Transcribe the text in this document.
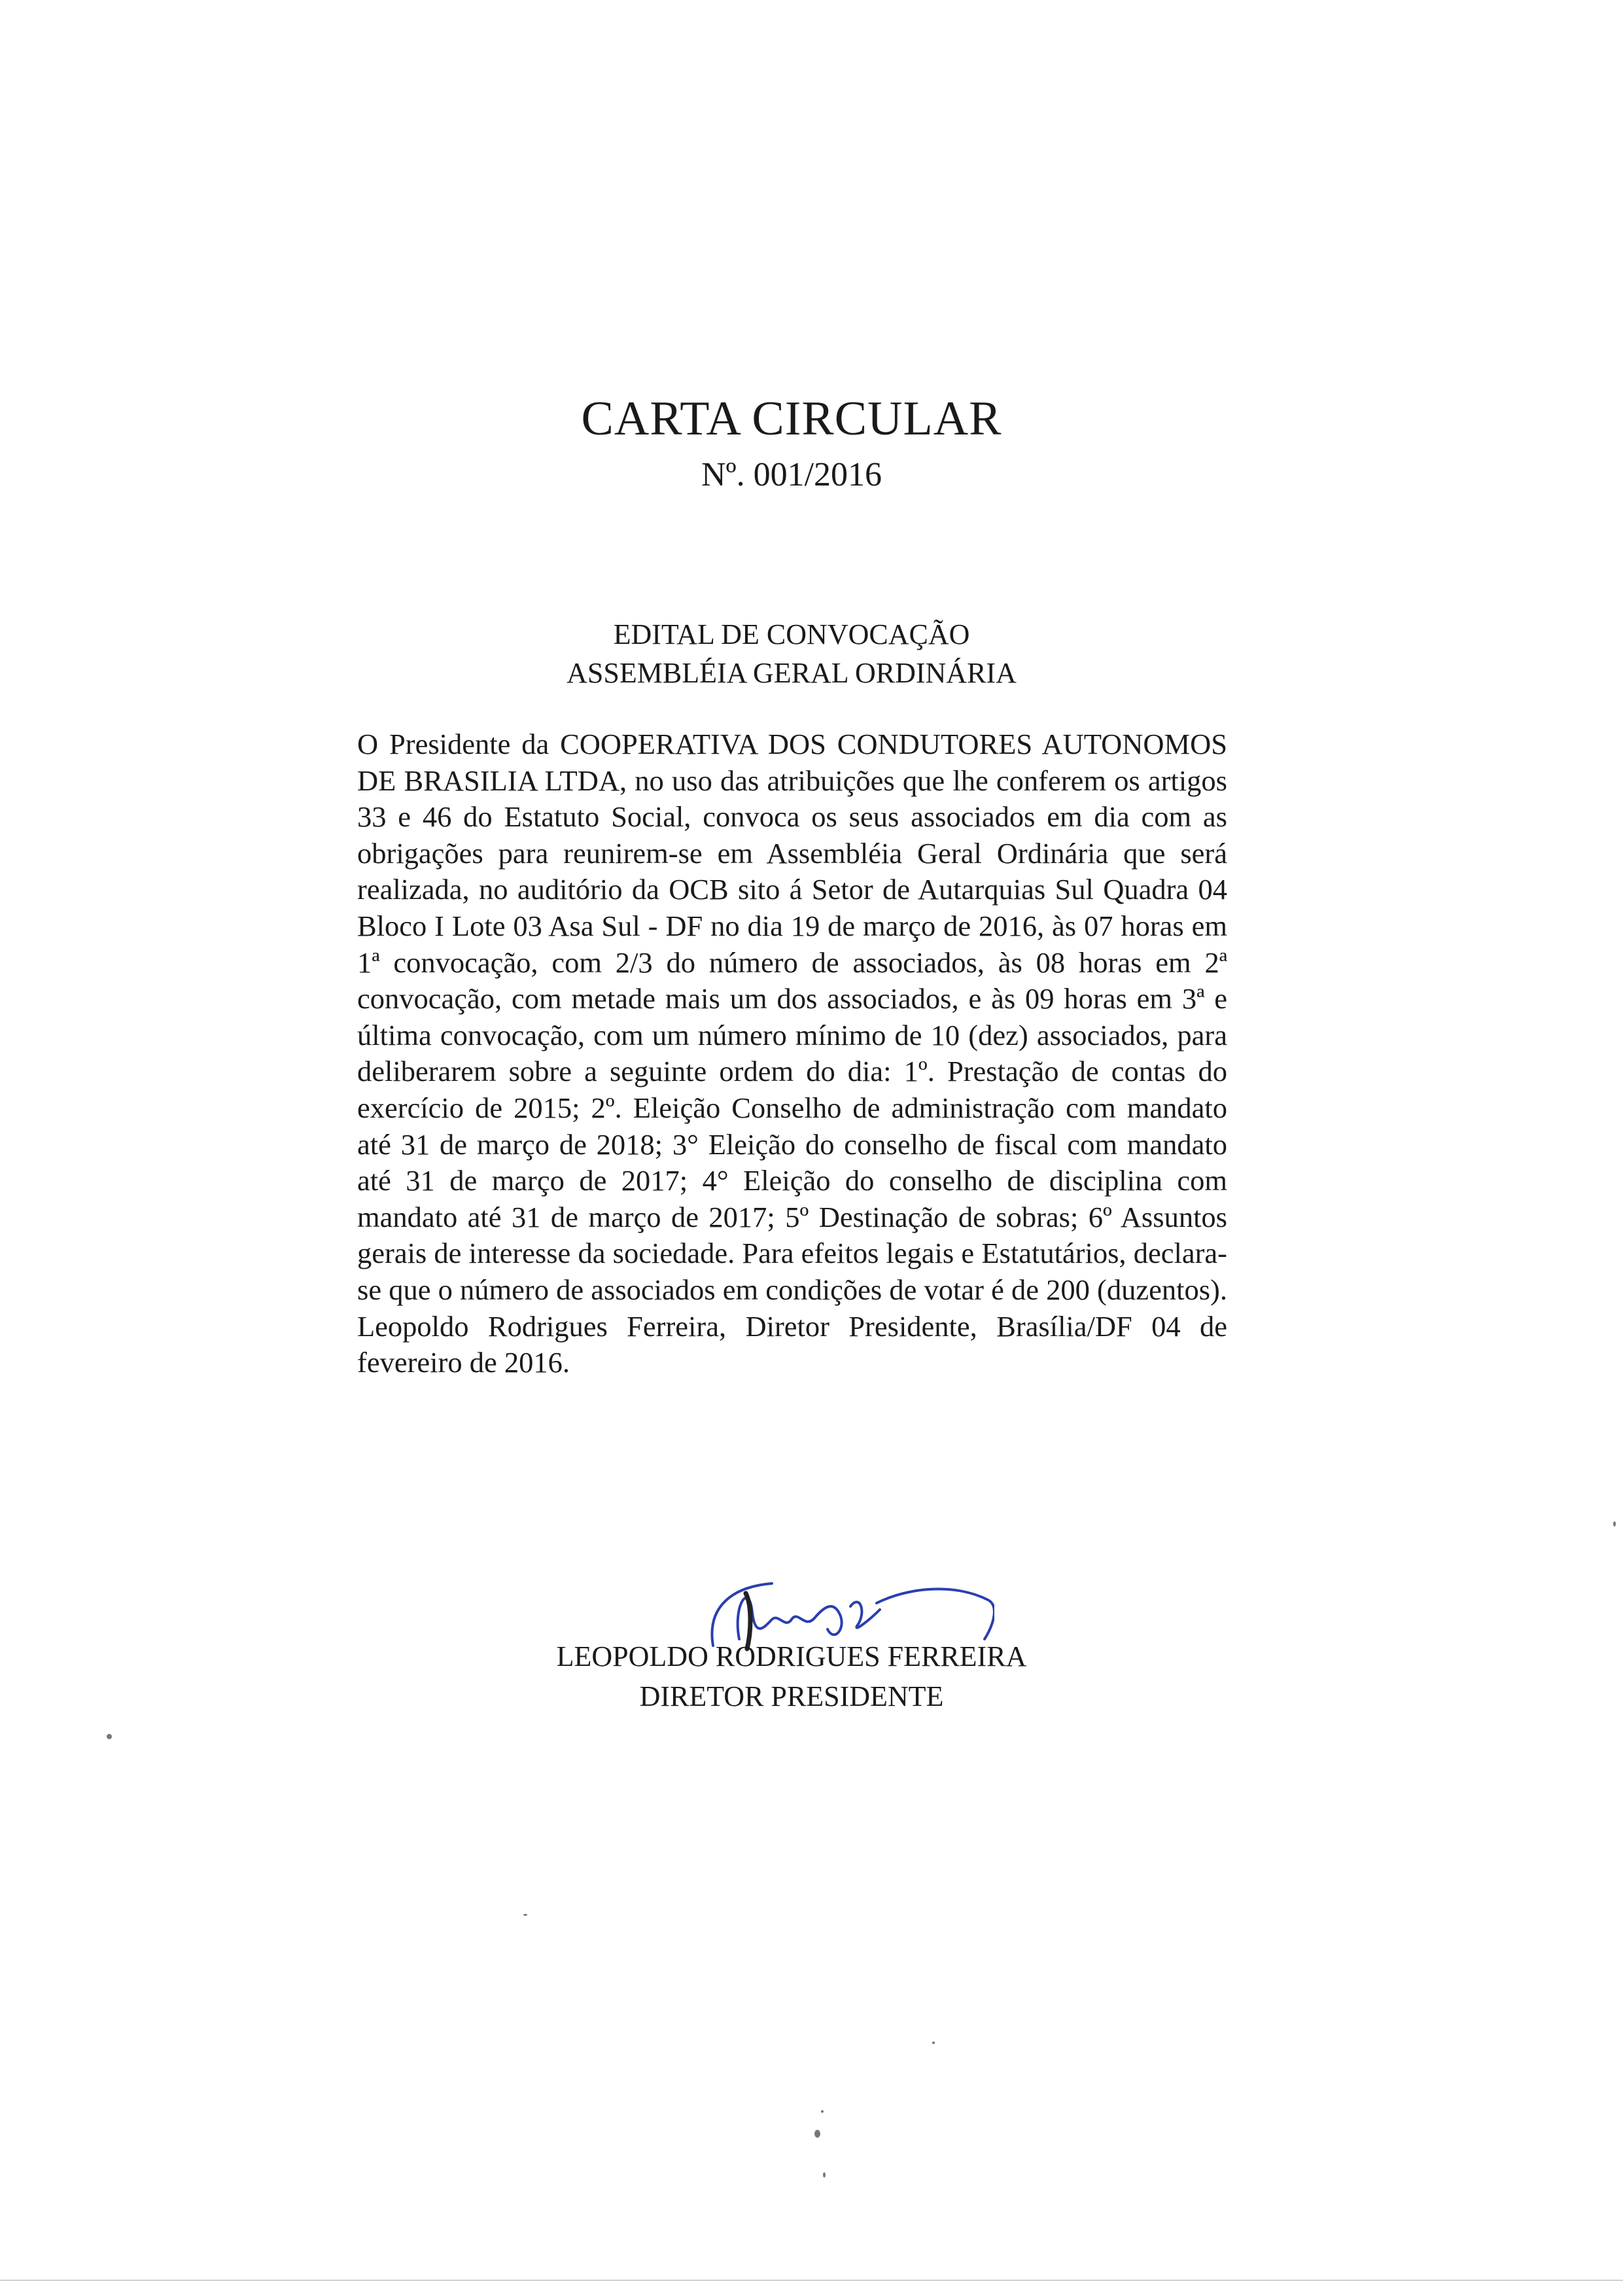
CARTA CIRCULAR
Nº. 001/2016
EDITAL DE CONVOCAÇÃO
ASSEMBLÉIA GERAL ORDINÁRIA
O Presidente da COOPERATIVA DOS CONDUTORES AUTONOMOS DE BRASILIA LTDA, no uso das atribuições que lhe conferem os artigos 33 e 46 do Estatuto Social, convoca os seus associados em dia com as obrigações para reunirem-se em Assembléia Geral Ordinária que será realizada, no auditório da OCB sito á Setor de Autarquias Sul Quadra 04 Bloco I Lote 03 Asa Sul - DF no dia 19 de março de 2016, às 07 horas em 1ª convocação, com 2/3 do número de associados, às 08 horas em 2ª convocação, com metade mais um dos associados, e às 09 horas em 3ª e última convocação, com um número mínimo de 10 (dez) associados, para deliberarem sobre a seguinte ordem do dia: 1º. Prestação de contas do exercício de 2015; 2º. Eleição Conselho de administração com mandato até 31 de março de 2018; 3° Eleição do conselho de fiscal com mandato até 31 de março de 2017; 4° Eleição do conselho de disciplina com mandato até 31 de março de 2017; 5º Destinação de sobras; 6º Assuntos gerais de interesse da sociedade. Para efeitos legais e Estatutários, declara-se que o número de associados em condições de votar é de 200 (duzentos). Leopoldo Rodrigues Ferreira, Diretor Presidente, Brasília/DF 04 de fevereiro de 2016.
LEOPOLDO RODRIGUES FERREIRA
DIRETOR PRESIDENTE
